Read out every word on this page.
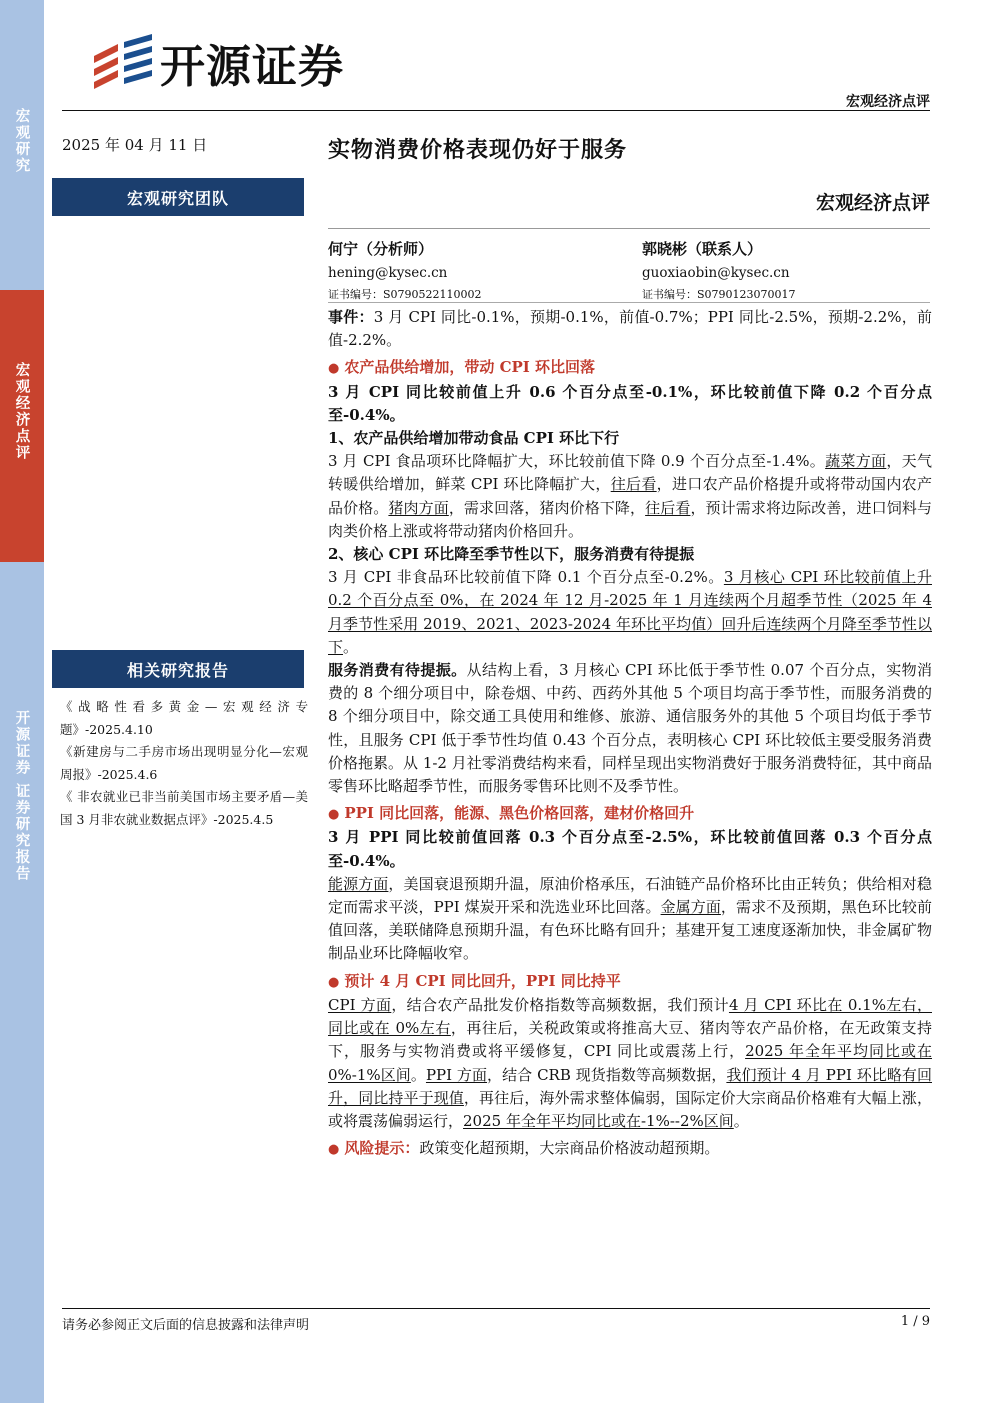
宏观研究
宏观经济点评
开源证券 证券研究报告
开源证券
宏观经济点评
2025 年 04 月 11 日	实物消费价格表现仍好于服务
宏观经济点评
宏观研究团队
何宁（分析师）
hening@kysec.cn
证书编号：S0790522110002
郭晓彬（联系人）
guoxiaobin@kysec.cn
证书编号：S0790123070017
相关研究报告
《战略性看多黄金—宏观经济专题》-2025.4.10
《新建房与二手房市场出现明显分化—宏观周报》-2025.4.6
《 非农就业已非当前美国市场主要矛盾—美国 3 月非农就业数据点评》-2025.4.5

事件：3 月 CPI 同比-0.1%，预期-0.1%，前值-0.7%；PPI 同比-2.5%，预期-2.2%，前值-2.2%。

● 农产品供给增加，带动 CPI 环比回落

3 月 CPI 同比较前值上升 0.6 个百分点至-0.1%，环比较前值下降 0.2 个百分点至-0.4%。

1、农产品供给增加带动食品 CPI 环比下行

3 月 CPI 食品项环比降幅扩大，环比较前值下降 0.9 个百分点至-1.4%。蔬菜方面，天气转暖供给增加，鲜菜 CPI 环比降幅扩大，往后看，进口农产品价格提升或将带动国内农产品价格。猪肉方面，需求回落，猪肉价格下降，往后看，预计需求将边际改善，进口饲料与肉类价格上涨或将带动猪肉价格回升。

2、核心 CPI 环比降至季节性以下，服务消费有待提振

3 月 CPI 非食品环比较前值下降 0.1 个百分点至-0.2%。3 月核心 CPI 环比较前值上升 0.2 个百分点至 0%，在 2024 年 12 月-2025 年 1 月连续两个月超季节性（2025 年 4 月季节性采用 2019、2021、2023-2024 年环比平均值）回升后连续两个月降至季节性以下。

服务消费有待提振。从结构上看，3 月核心 CPI 环比低于季节性 0.07 个百分点，实物消费的 8 个细分项目中，除卷烟、中药、西药外其他 5 个项目均高于季节性，而服务消费的 8 个细分项目中，除交通工具使用和维修、旅游、通信服务外的其他 5 个项目均低于季节性，且服务 CPI 低于季节性均值 0.43 个百分点，表明核心 CPI 环比较低主要受服务消费价格拖累。从 1-2 月社零消费结构来看，同样呈现出实物消费好于服务消费特征，其中商品零售环比略超季节性，而服务零售环比则不及季节性。

● PPI 同比回落，能源、黑色价格回落，建材价格回升

3 月 PPI 同比较前值回落 0.3 个百分点至-2.5%，环比较前值回落 0.3 个百分点至-0.4%。

能源方面，美国衰退预期升温，原油价格承压，石油链产品价格环比由正转负；供给相对稳定而需求平淡，PPI 煤炭开采和洗选业环比回落。金属方面，需求不及预期，黑色环比较前值回落，美联储降息预期升温，有色环比略有回升；基建开复工速度逐渐加快，非金属矿物制品业环比降幅收窄。

● 预计 4 月 CPI 同比回升，PPI 同比持平

CPI 方面，结合农产品批发价格指数等高频数据，我们预计4 月 CPI 环比在 0.1%左右，同比或在 0%左右，再往后，关税政策或将推高大豆、猪肉等农产品价格，在无政策支持下，服务与实物消费或将平缓修复，CPI 同比或震荡上行，2025 年全年平均同比或在 0%-1%区间。PPI 方面，结合 CRB 现货指数等高频数据，我们预计 4 月 PPI 环比略有回升，同比持平于现值，再往后，海外需求整体偏弱，国际定价大宗商品价格难有大幅上涨，或将震荡偏弱运行，2025 年全年平均同比或在-1%--2%区间。

● 风险提示：政策变化超预期，大宗商品价格波动超预期。

请务必参阅正文后面的信息披露和法律声明	1 / 9
